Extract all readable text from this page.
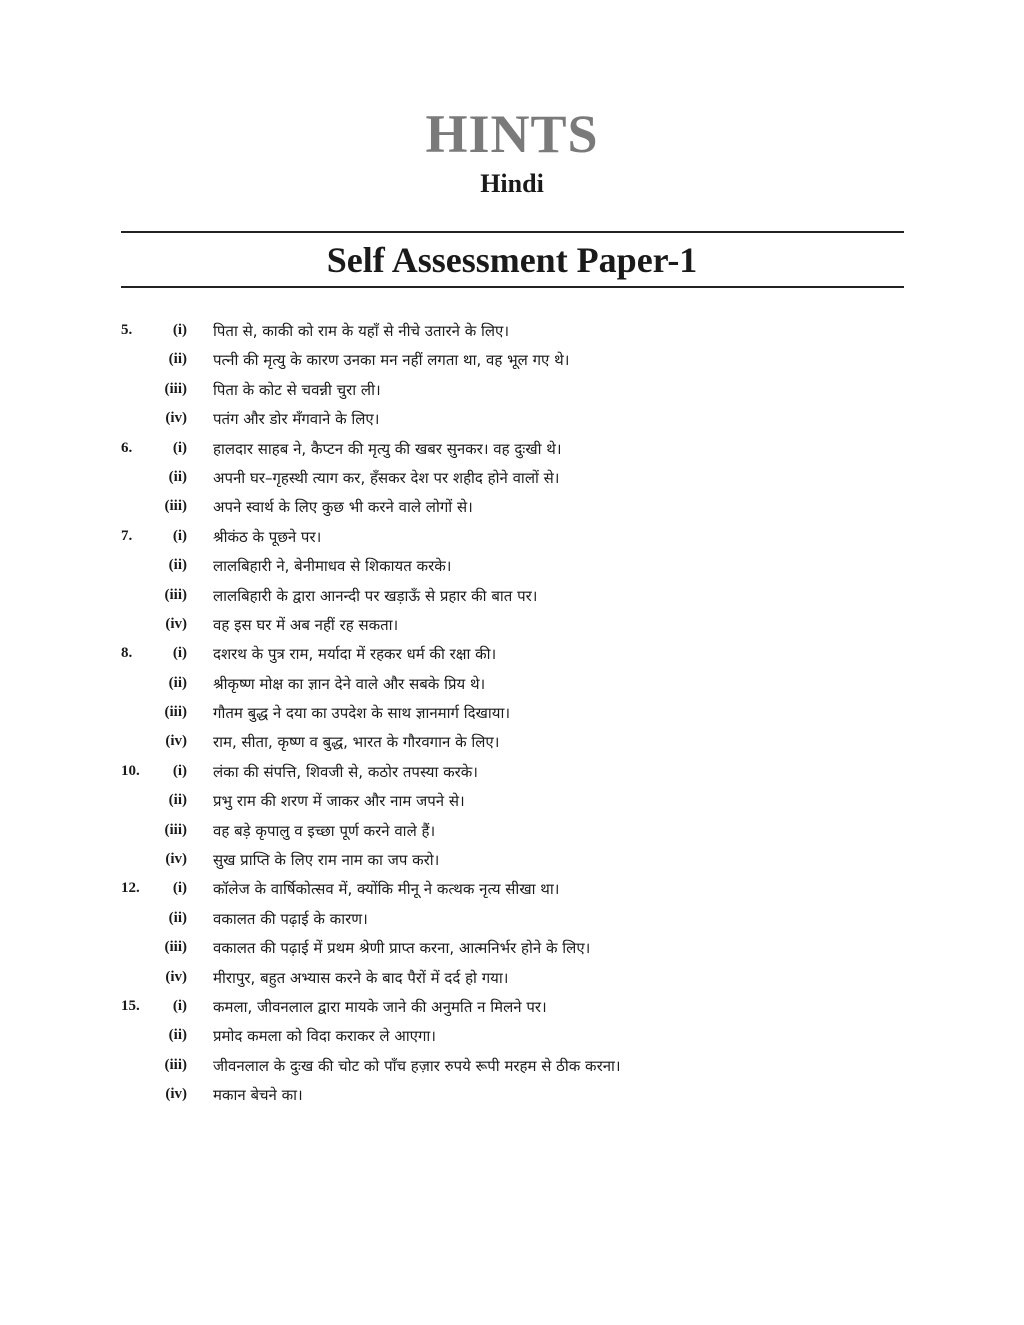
HINTS
Hindi
Self Assessment Paper-1
5.	(i) पिता से, काकी को राम के यहाँ से नीचे उतारने के लिए।
(ii) पत्नी की मृत्यु के कारण उनका मन नहीं लगता था, वह भूल गए थे।
(iii) पिता के कोट से चवन्नी चुरा ली।
(iv) पतंग और डोर मँगवाने के लिए।
6.	(i) हालदार साहब ने, कैप्टन की मृत्यु की खबर सुनकर। वह दुःखी थे।
(ii) अपनी घर–गृहस्थी त्याग कर, हँसकर देश पर शहीद होने वालों से।
(iii) अपने स्वार्थ के लिए कुछ भी करने वाले लोगों से।
7.	(i) श्रीकंठ के पूछने पर।
(ii) लालबिहारी ने, बेनीमाधव से शिकायत करके।
(iii) लालबिहारी के द्वारा आनन्दी पर खड़ाऊँ से प्रहार की बात पर।
(iv) वह इस घर में अब नहीं रह सकता।
8.	(i) दशरथ के पुत्र राम, मर्यादा में रहकर धर्म की रक्षा की।
(ii) श्रीकृष्ण मोक्ष का ज्ञान देने वाले और सबके प्रिय थे।
(iii) गौतम बुद्ध ने दया का उपदेश के साथ ज्ञानमार्ग दिखाया।
(iv) राम, सीता, कृष्ण व बुद्ध, भारत के गौरवगान के लिए।
10.	(i) लंका की संपत्ति, शिवजी से, कठोर तपस्या करके।
(ii) प्रभु राम की शरण में जाकर और नाम जपने से।
(iii) वह बड़े कृपालु व इच्छा पूर्ण करने वाले हैं।
(iv) सुख प्राप्ति के लिए राम नाम का जप करो।
12.	(i) कॉलेज के वार्षिकोत्सव में, क्योंकि मीनू ने कत्थक नृत्य सीखा था।
(ii) वकालत की पढ़ाई के कारण।
(iii) वकालत की पढ़ाई में प्रथम श्रेणी प्राप्त करना, आत्मनिर्भर होने के लिए।
(iv) मीरापुर, बहुत अभ्यास करने के बाद पैरों में दर्द हो गया।
15.	(i) कमला, जीवनलाल द्वारा मायके जाने की अनुमति न मिलने पर।
(ii) प्रमोद कमला को विदा कराकर ले आएगा।
(iii) जीवनलाल के दुःख की चोट को पाँच हज़ार रुपये रूपी मरहम से ठीक करना।
(iv) मकान बेचने का।
